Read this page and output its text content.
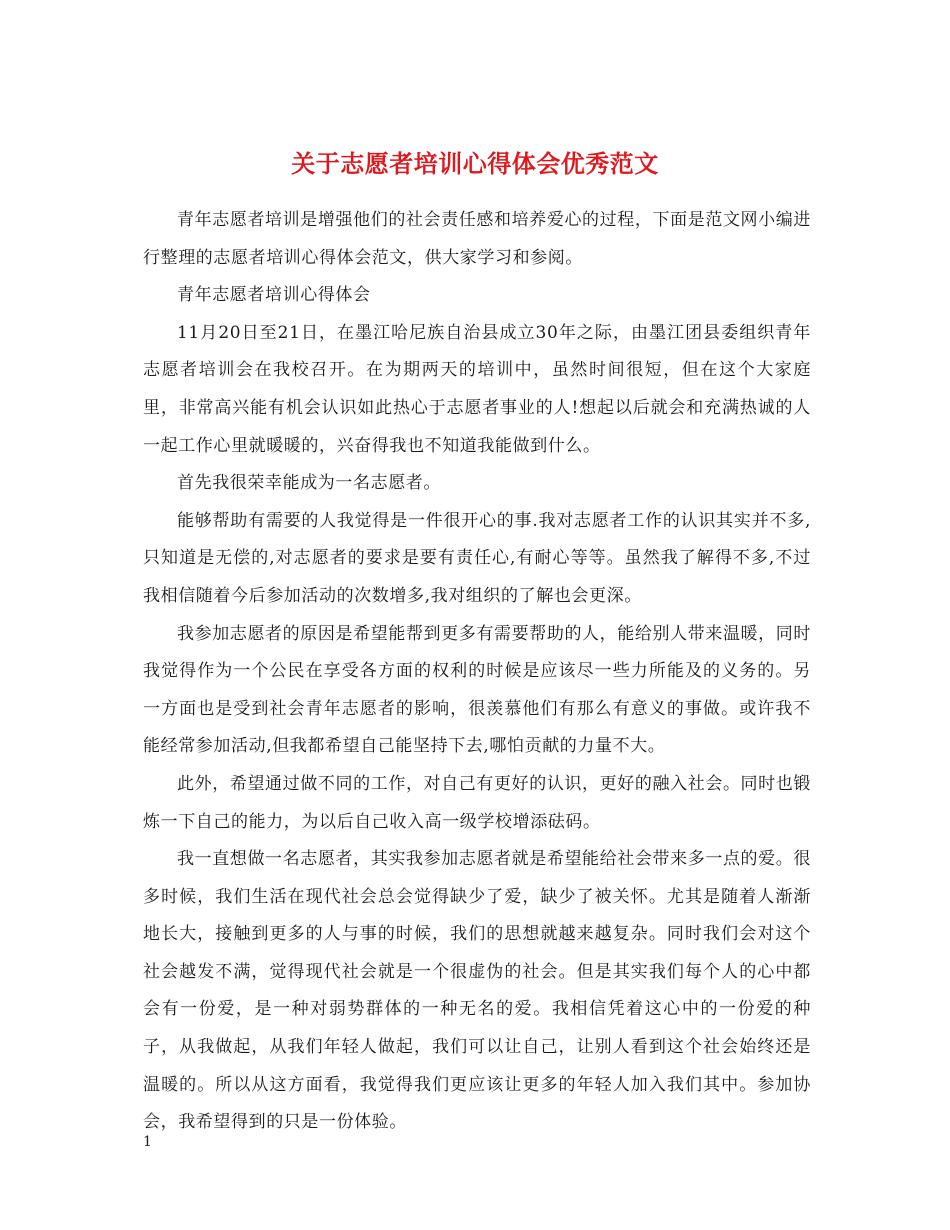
关于志愿者培训心得体会优秀范文

青年志愿者培训是增强他们的社会责任感和培养爱心的过程，下面是范文网小编进行整理的志愿者培训心得体会范文，供大家学习和参阅。

青年志愿者培训心得体会

11月20日至21日，在墨江哈尼族自治县成立30年之际，由墨江团县委组织青年志愿者培训会在我校召开。在为期两天的培训中，虽然时间很短，但在这个大家庭里，非常高兴能有机会认识如此热心于志愿者事业的人!想起以后就会和充满热诚的人一起工作心里就暖暖的，兴奋得我也不知道我能做到什么。

首先我很荣幸能成为一名志愿者。

能够帮助有需要的人我觉得是一件很开心的事.我对志愿者工作的认识其实并不多,只知道是无偿的,对志愿者的要求是要有责任心,有耐心等等。虽然我了解得不多,不过我相信随着今后参加活动的次数增多,我对组织的了解也会更深。

我参加志愿者的原因是希望能帮到更多有需要帮助的人，能给别人带来温暖，同时我觉得作为一个公民在享受各方面的权利的时候是应该尽一些力所能及的义务的。另一方面也是受到社会青年志愿者的影响，很羡慕他们有那么有意义的事做。或许我不能经常参加活动,但我都希望自己能坚持下去,哪怕贡献的力量不大。

此外，希望通过做不同的工作，对自己有更好的认识，更好的融入社会。同时也锻炼一下自己的能力，为以后自己收入高一级学校增添砝码。

我一直想做一名志愿者，其实我参加志愿者就是希望能给社会带来多一点的爱。很多时候，我们生活在现代社会总会觉得缺少了爱，缺少了被关怀。尤其是随着人渐渐地长大，接触到更多的人与事的时候，我们的思想就越来越复杂。同时我们会对这个社会越发不满，觉得现代社会就是一个很虚伪的社会。但是其实我们每个人的心中都会有一份爱，是一种对弱势群体的一种无名的爱。我相信凭着这心中的一份爱的种子，从我做起，从我们年轻人做起，我们可以让自己，让别人看到这个社会始终还是温暖的。所以从这方面看，我觉得我们更应该让更多的年轻人加入我们其中。参加协会，我希望得到的只是一份体验。

1
